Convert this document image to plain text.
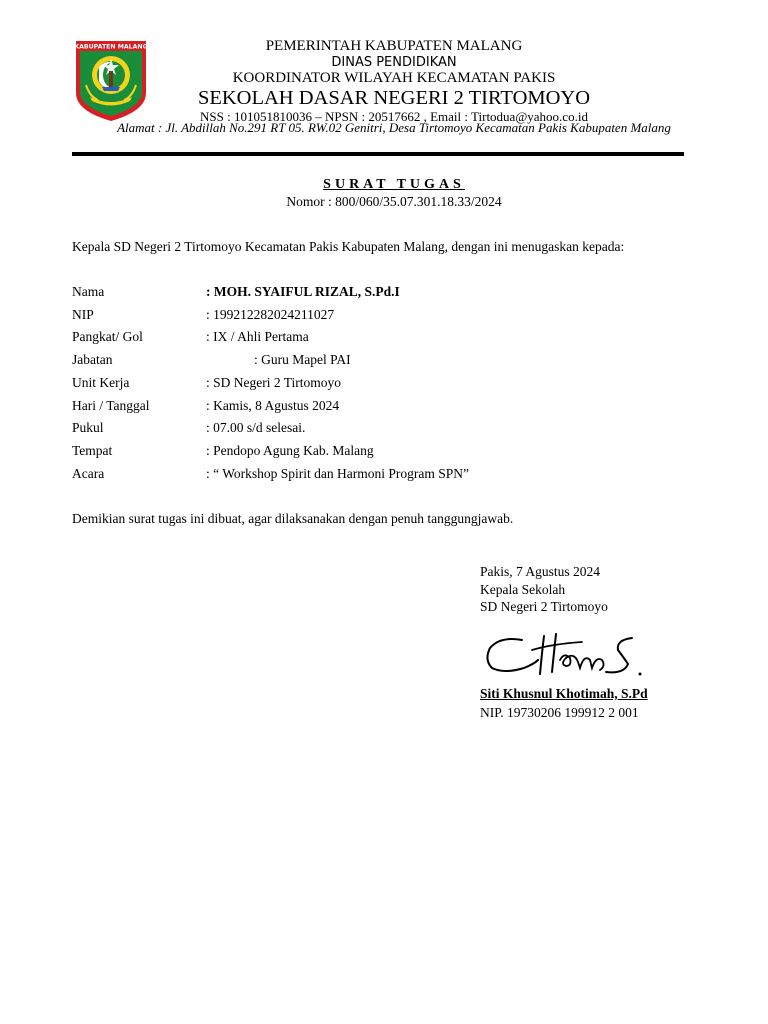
KABUPATEN MALANG	PEMERINTAH KABUPATEN MALANG
DINAS PENDIDIKAN
KOORDINATOR WILAYAH KECAMATAN PAKIS
SEKOLAH DASAR NEGERI 2 TIRTOMOYO
NSS : 101051810036 – NPSN : 20517662 , Email : Tirtodua@yahoo.co.id
Alamat : Jl. Abdillah No.291 RT 05. RW.02 Genitri, Desa Tirtomoyo Kecamatan Pakis Kabupaten Malang
SURAT TUGAS
Nomor : 800/060/35.07.301.18.33/2024
Kepala SD Negeri 2 Tirtomoyo Kecamatan Pakis Kabupaten Malang, dengan ini menugaskan kepada:
Nama	: MOH. SYAIFUL RIZAL, S.Pd.I
NIP	: 199212282024211027
Pangkat/ Gol	: IX / Ahli Pertama
Jabatan	: Guru Mapel PAI
Unit Kerja	: SD Negeri 2 Tirtomoyo
Hari / Tanggal	: Kamis, 8 Agustus 2024
Pukul	: 07.00 s/d selesai.
Tempat	: Pendopo Agung Kab. Malang
Acara	: “ Workshop Spirit dan Harmoni Program SPN”
Demikian surat tugas ini dibuat, agar dilaksanakan dengan penuh tanggungjawab.
Pakis, 7 Agustus 2024
Kepala Sekolah
SD Negeri 2 Tirtomoyo
Siti Khusnul Khotimah, S.Pd
NIP. 19730206 199912 2 001
